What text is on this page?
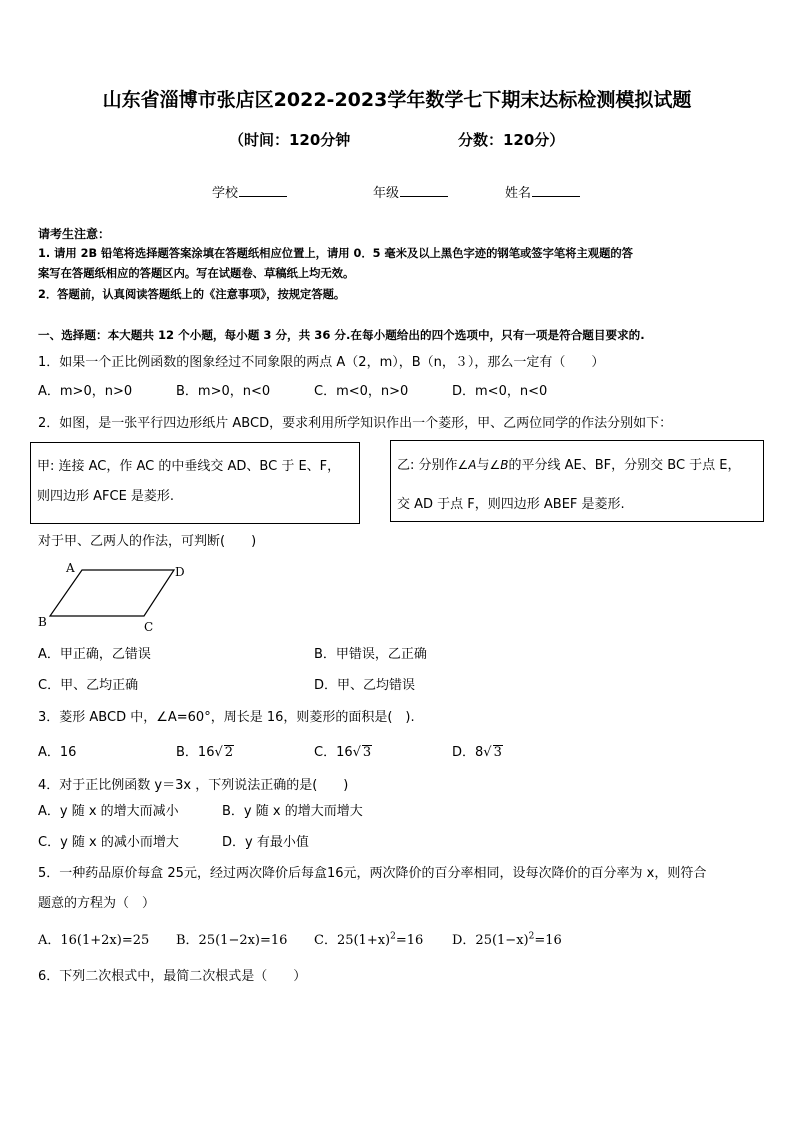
山东省淄博市张店区2022-2023学年数学七下期末达标检测模拟试题
（时间：120分钟	分数：120分）
学校	年级	姓名
请考生注意：
1. 请用 2B 铅笔将选择题答案涂填在答题纸相应位置上，请用 0．5 毫米及以上黑色字迹的钢笔或签字笔将主观题的答
案写在答题纸相应的答题区内。写在试题卷、草稿纸上均无效。
2．答题前，认真阅读答题纸上的《注意事项》，按规定答题。
一、选择题：本大题共 12 个小题，每小题 3 分，共 36 分.在每小题给出的四个选项中，只有一项是符合题目要求的.
1．如果一个正比例函数的图象经过不同象限的两点 A（2，m），B（n，３），那么一定有（　　）
A．m>0，n>0	B．m>0，n<0	C．m<0，n>0	D．m<0，n<0
2．如图，是一张平行四边形纸片 ABCD，要求利用所学知识作出一个菱形，甲、乙两位同学的作法分别如下：
甲: 连接 AC，作 AC 的中垂线交 AD、BC 于 E、F，
则四边形 AFCE 是菱形.
乙: 分别作∠A与∠B的平分线 AE、BF，分别交 BC 于点 E，
交 AD 于点 F，则四边形 ABEF 是菱形.
对于甲、乙两人的作法，可判断(　　)
A	D
B	C
A．甲正确，乙错误	B．甲错误，乙正确
C．甲、乙均正确	D．甲、乙均错误
3．菱形 ABCD 中，∠A=60°，周长是 16，则菱形的面积是(　).
A．16	B．16√ 2	C．16√ 3	D．8√ 3
4．对于正比例函数 y＝3x ，下列说法正确的是(　　)
A．y 随 x 的增大而减小	B．y 随 x 的增大而增大
C．y 随 x 的减小而增大	D．y 有最小值
5．一种药品原价每盒 25元，经过两次降价后每盒16元，两次降价的百分率相同，设每次降价的百分率为 x，则符合
题意的方程为（　）
A．16(1+2x)=25 B．25(1−2x)=16 C．$25(1+x)^2=16$ D．$25(1-x)^2=16$
6．下列二次根式中，最简二次根式是（　　）
